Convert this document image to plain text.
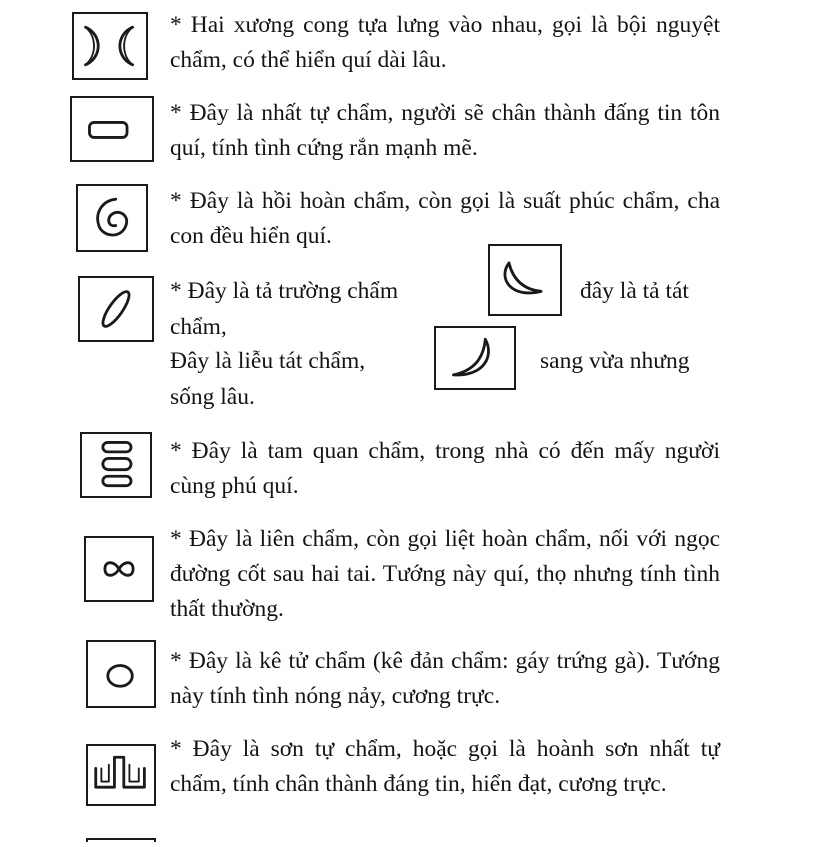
* Hai xương cong tựa lưng vào nhau, gọi là bội nguyệt chẩm, có thể hiển quí dài lâu.
* Đây là nhất tự chẩm, người sẽ chân thành đấng tin tôn quí, tính tình cứng rắn mạnh mẽ.
* Đây là hồi hoàn chẩm, còn gọi là suất phúc chẩm, cha con đều hiển quí.
* Đây là tả trường chẩm	đây là tả tát
chẩm,
Đây là liễu tát chẩm,	sang vừa nhưng
sống lâu.
* Đây là tam quan chẩm, trong nhà có đến mấy người cùng phú quí.
* Đây là liên chẩm, còn gọi liệt hoàn chẩm, nối với ngọc đường cốt sau hai tai. Tướng này quí, thọ nhưng tính tình thất thường.
* Đây là kê tử chẩm (kê đản chẩm: gáy trứng gà). Tướng này tính tình nóng nảy, cương trực.
* Đây là sơn tự chẩm, hoặc gọi là hoành sơn nhất tự chẩm, tính chân thành đáng tin, hiển đạt, cương trực.
